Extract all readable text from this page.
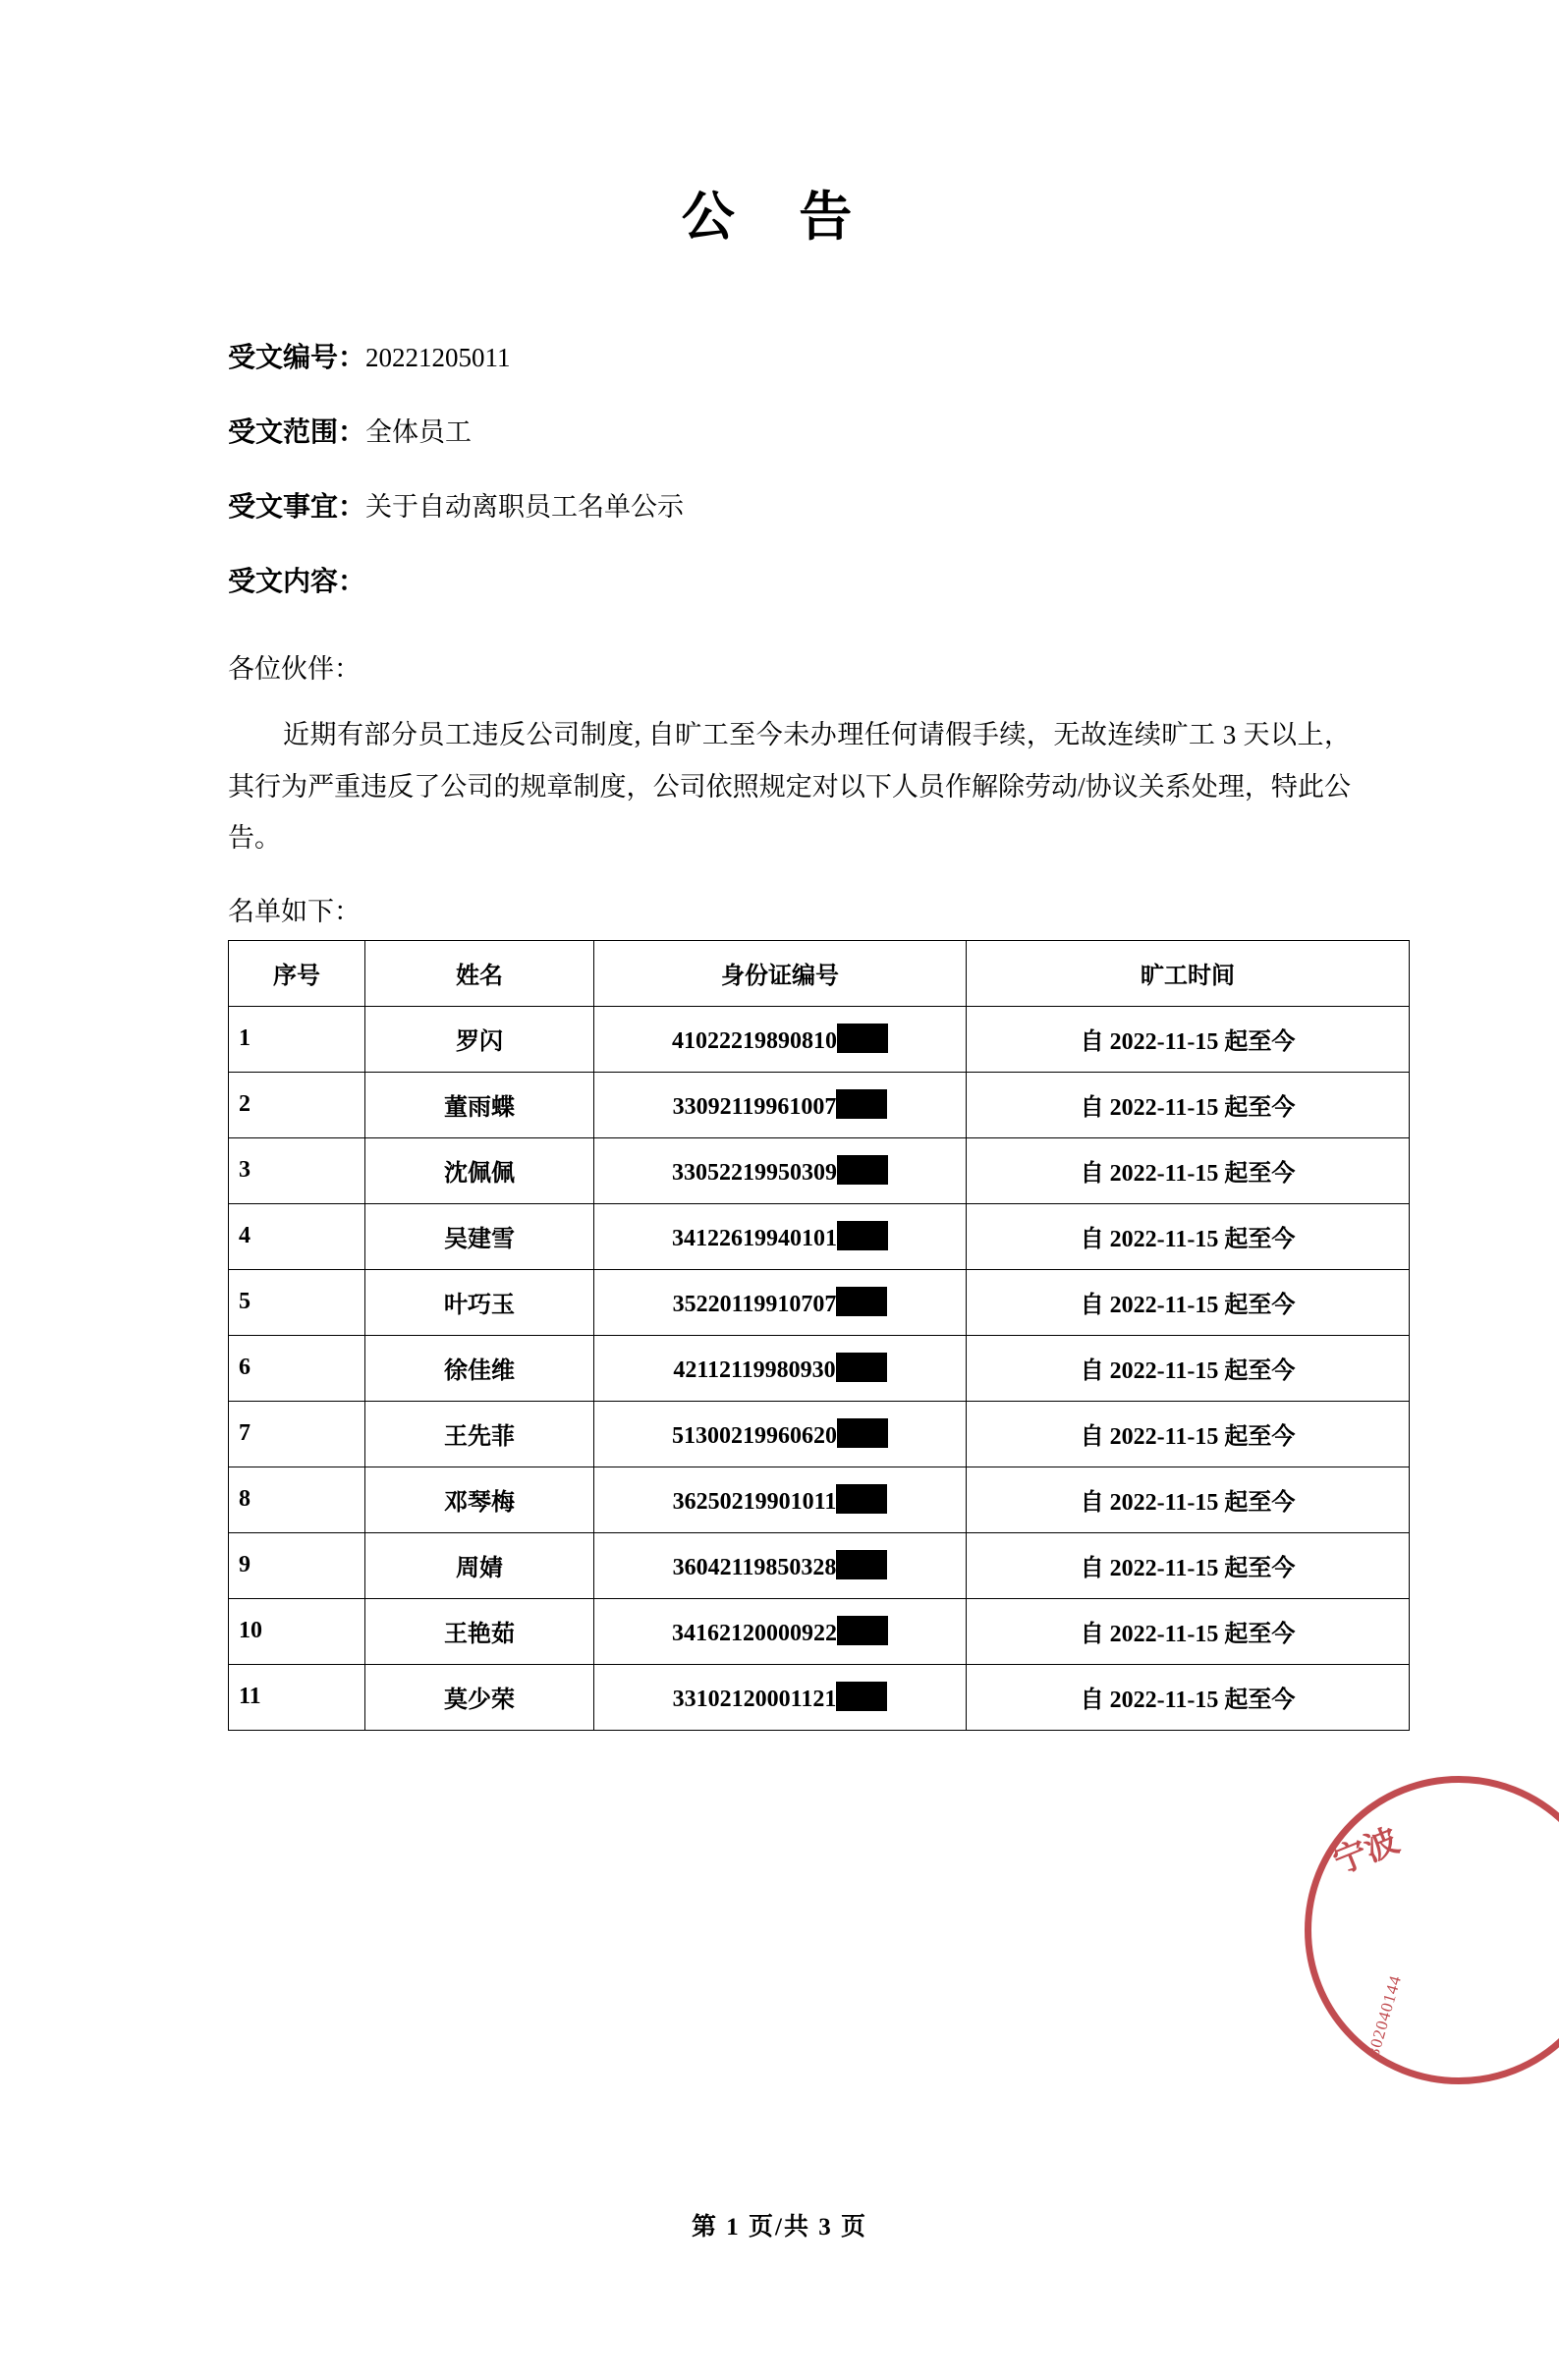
公 告
受文编号：20221205011
受文范围：全体员工
受文事宜：关于自动离职员工名单公示
受文内容：
各位伙伴：
近期有部分员工违反公司制度, 自旷工至今未办理任何请假手续，无故连续旷工 3 天以上，其行为严重违反了公司的规章制度，公司依照规定对以下人员作解除劳动/协议关系处理，特此公告。
名单如下：
序号	姓名	身份证编号	旷工时间
1	罗闪	41022219890810	自 2022-11-15 起至今
2	董雨蝶	33092119961007	自 2022-11-15 起至今
3	沈佩佩	33052219950309	自 2022-11-15 起至今
4	吴建雪	34122619940101	自 2022-11-15 起至今
5	叶巧玉	35220119910707	自 2022-11-15 起至今
6	徐佳维	42112119980930	自 2022-11-15 起至今
7	王先菲	51300219960620	自 2022-11-15 起至今
8	邓琴梅	36250219901011	自 2022-11-15 起至今
9	周婧	36042119850328	自 2022-11-15 起至今
10	王艳茹	34162120000922	自 2022-11-15 起至今
11	莫少荣	33102120001121	自 2022-11-15 起至今
宁波
3302040144
第 1 页/共 3 页
